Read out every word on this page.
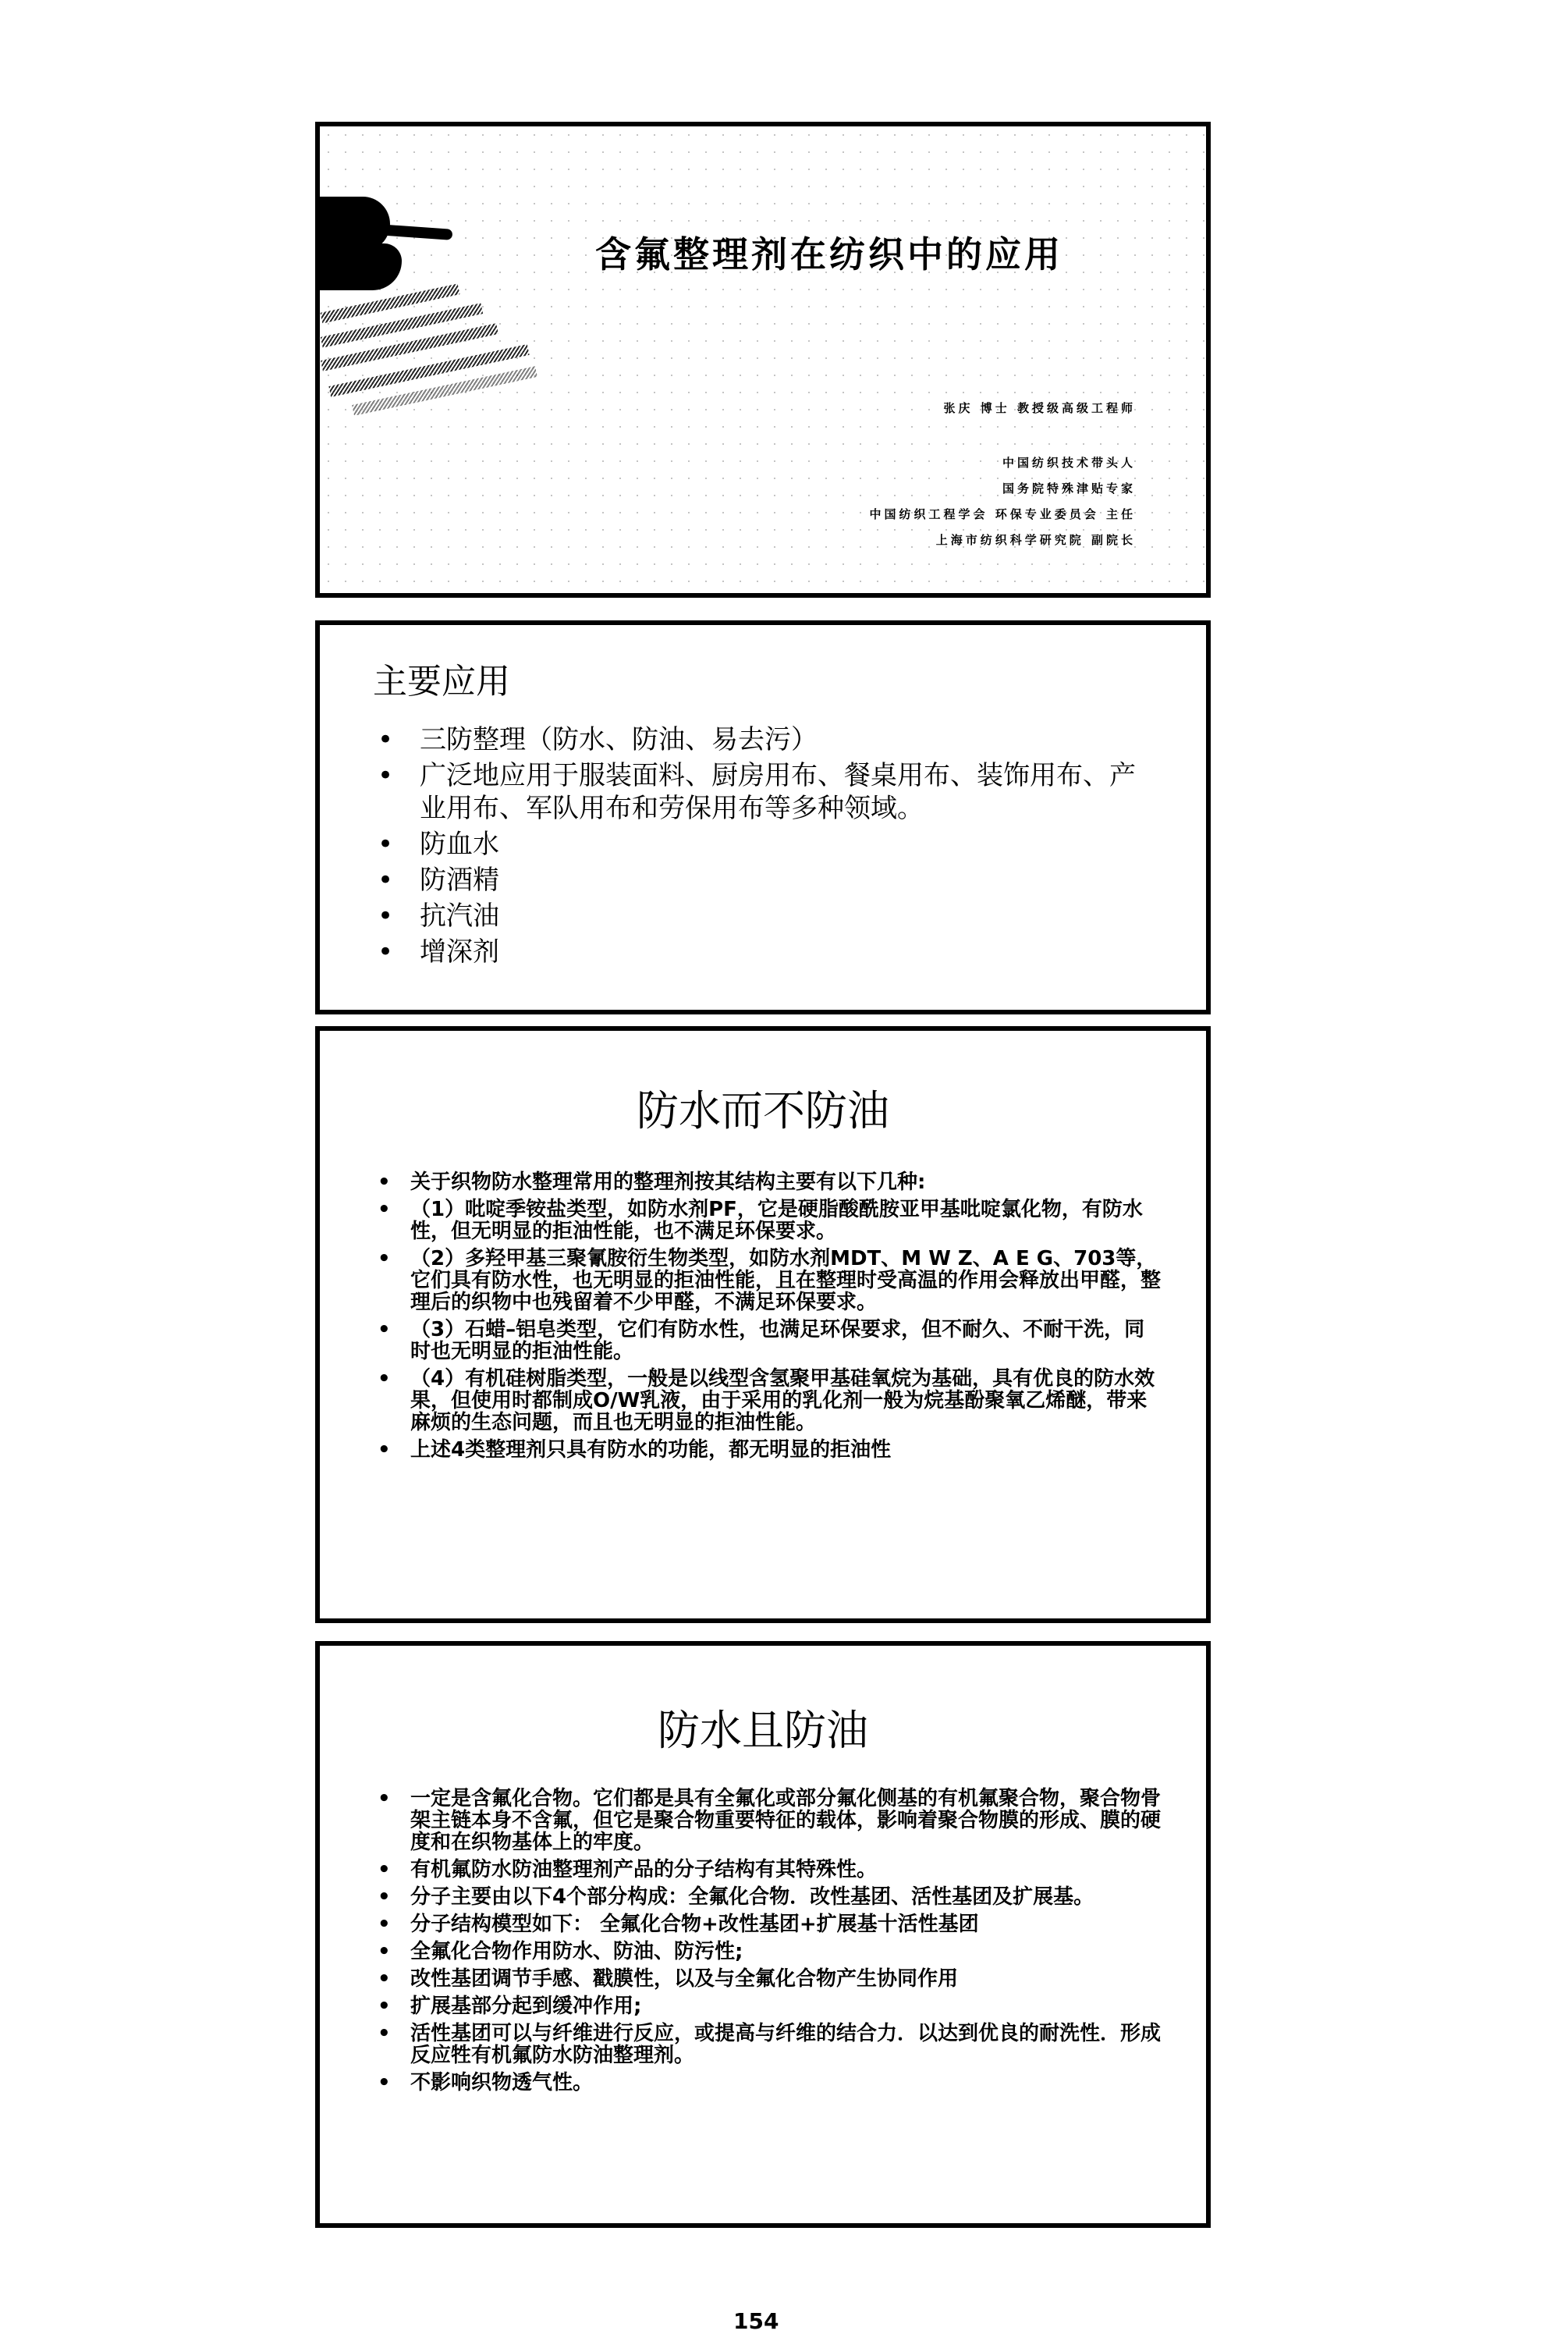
含氟整理剂在纺织中的应用
张庆 博士 教授级高级工程师
中国纺织技术带头人
国务院特殊津贴专家
中国纺织工程学会 环保专业委员会 主任
上海市纺织科学研究院 副院长
主要应用
• 三防整理（防水、防油、易去污）
• 广泛地应用于服装面料、厨房用布、餐桌用布、装饰用布、产业用布、军队用布和劳保用布等多种领域。
• 防血水
• 防酒精
• 抗汽油
• 增深剂
防水而不防油
• 关于织物防水整理常用的整理剂按其结构主要有以下几种:
• （1）吡啶季铵盐类型，如防水剂PF，它是硬脂酸酰胺亚甲基吡啶氯化物，有防水性，但无明显的拒油性能，也不满足环保要求。
• （2）多羟甲基三聚氰胺衍生物类型，如防水剂MDT、M W Z、A E G、703等，它们具有防水性，也无明显的拒油性能，且在整理时受高温的作用会释放出甲醛，整理后的织物中也残留着不少甲醛，不满足环保要求。
• （3）石蜡–铝皂类型，它们有防水性，也满足环保要求，但不耐久、不耐干洗，同时也无明显的拒油性能。
• （4）有机硅树脂类型，一般是以线型含氢聚甲基硅氧烷为基础，具有优良的防水效果，但使用时都制成O/W乳液，由于采用的乳化剂一般为烷基酚聚氧乙烯醚，带来麻烦的生态问题，而且也无明显的拒油性能。
• 上述4类整理剂只具有防水的功能，都无明显的拒油性
防水且防油
• 一定是含氟化合物。它们都是具有全氟化或部分氟化侧基的有机氟聚合物，聚合物骨架主链本身不含氟，但它是聚合物重要特征的载体，影响着聚合物膜的形成、膜的硬度和在织物基体上的牢度。
• 有机氟防水防油整理剂产品的分子结构有其特殊性。
• 分子主要由以下4个部分构成：全氟化合物．改性基团、活性基团及扩展基。
• 分子结构模型如下： 全氟化合物+改性基团+扩展基十活性基团
• 全氟化合物作用防水、防油、防污性;
• 改性基团调节手感、戳膜性，以及与全氟化合物产生协同作用
• 扩展基部分起到缓冲作用;
• 活性基团可以与纤维进行反应，或提高与纤维的结合力．以达到优良的耐洗性．形成反应牲有机氟防水防油整理剂。
• 不影响织物透气性。
154
